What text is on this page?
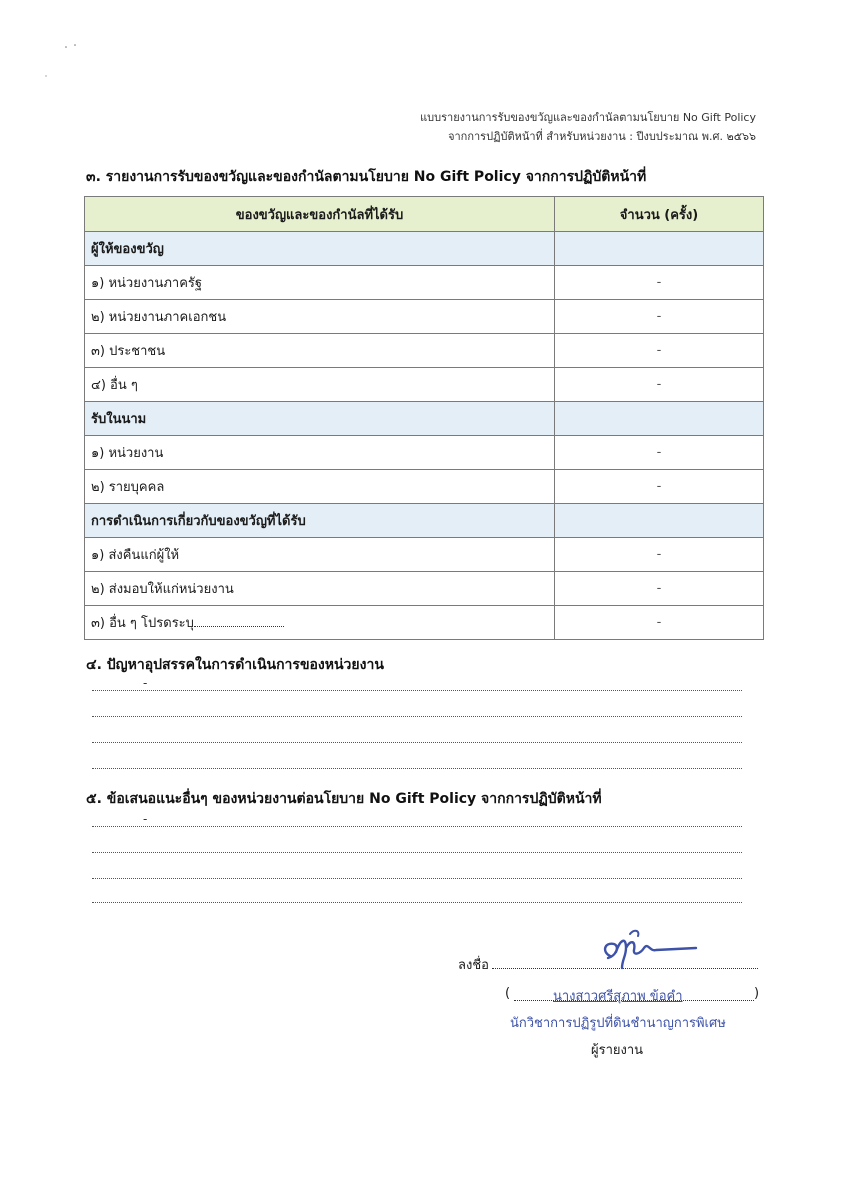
แบบรายงานการรับของขวัญและของกำนัลตามนโยบาย No Gift Policy
จากการปฏิบัติหน้าที่ สำหรับหน่วยงาน : ปีงบประมาณ พ.ศ. ๒๕๖๖
๓. รายงานการรับของขวัญและของกำนัลตามนโยบาย No Gift Policy จากการปฏิบัติหน้าที่
ของขวัญและของกำนัลที่ได้รับ	จำนวน (ครั้ง)
ผู้ให้ของขวัญ	
๑) หน่วยงานภาครัฐ	-
๒) หน่วยงานภาคเอกชน	-
๓) ประชาชน	-
๔) อื่น ๆ	-
รับในนาม	
๑) หน่วยงาน	-
๒) รายบุคคล	-
การดำเนินการเกี่ยวกับของขวัญที่ได้รับ	
๑) ส่งคืนแก่ผู้ให้	-
๒) ส่งมอบให้แก่หน่วยงาน	-
๓) อื่น ๆ โปรดระบุ	-
๔. ปัญหาอุปสรรคในการดำเนินการของหน่วยงาน
-
๕. ข้อเสนอแนะอื่นๆ ของหน่วยงานต่อนโยบาย No Gift Policy จากการปฏิบัติหน้าที่
-
ลงชื่อ
(	นางสาวศรีสุภาพ ข้อคำ	)
นักวิชาการปฏิรูปที่ดินชำนาญการพิเศษ
ผู้รายงาน
